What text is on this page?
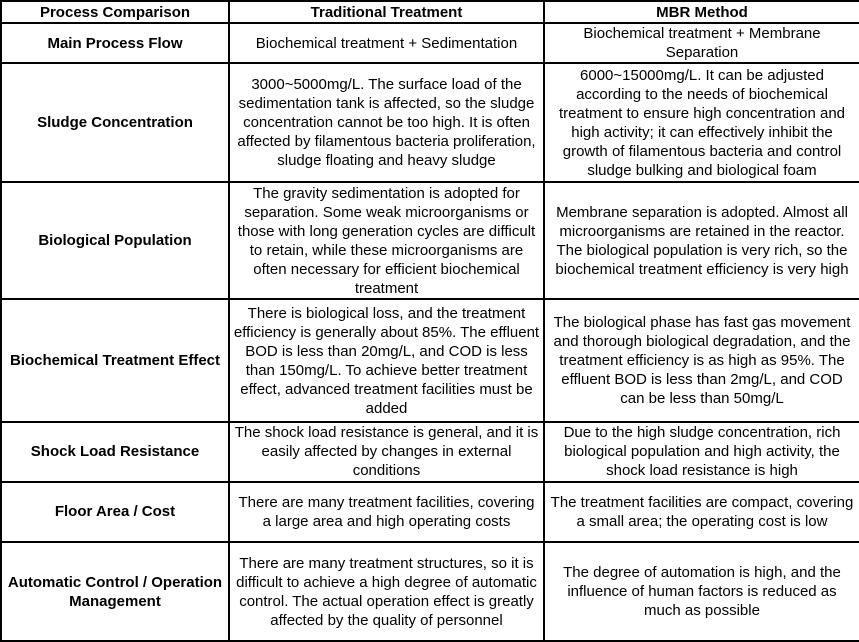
Process Comparison	Traditional Treatment	MBR Method
Main Process Flow	Biochemical treatment + Sedimentation	Biochemical treatment + Membrane Separation
Sludge Concentration	3000~5000mg/L. The surface load of the sedimentation tank is affected, so the sludge concentration cannot be too high. It is often affected by filamentous bacteria proliferation, sludge floating and heavy sludge	6000~15000mg/L. It can be adjusted according to the needs of biochemical treatment to ensure high concentration and high activity; it can effectively inhibit the growth of filamentous bacteria and control sludge bulking and biological foam
Biological Population	The gravity sedimentation is adopted for separation. Some weak microorganisms or those with long generation cycles are difficult to retain, while these microorganisms are often necessary for efficient biochemical treatment	Membrane separation is adopted. Almost all microorganisms are retained in the reactor. The biological population is very rich, so the biochemical treatment efficiency is very high
Biochemical Treatment Effect	There is biological loss, and the treatment efficiency is generally about 85%. The effluent BOD is less than 20mg/L, and COD is less than 150mg/L. To achieve better treatment effect, advanced treatment facilities must be added	The biological phase has fast gas movement and thorough biological degradation, and the treatment efficiency is as high as 95%. The effluent BOD is less than 2mg/L, and COD can be less than 50mg/L
Shock Load Resistance	The shock load resistance is general, and it is easily affected by changes in external conditions	Due to the high sludge concentration, rich biological population and high activity, the shock load resistance is high
Floor Area / Cost	There are many treatment facilities, covering a large area and high operating costs	The treatment facilities are compact, covering a small area; the operating cost is low
Automatic Control / Operation Management	There are many treatment structures, so it is difficult to achieve a high degree of automatic control. The actual operation effect is greatly affected by the quality of personnel	The degree of automation is high, and the influence of human factors is reduced as much as possible
